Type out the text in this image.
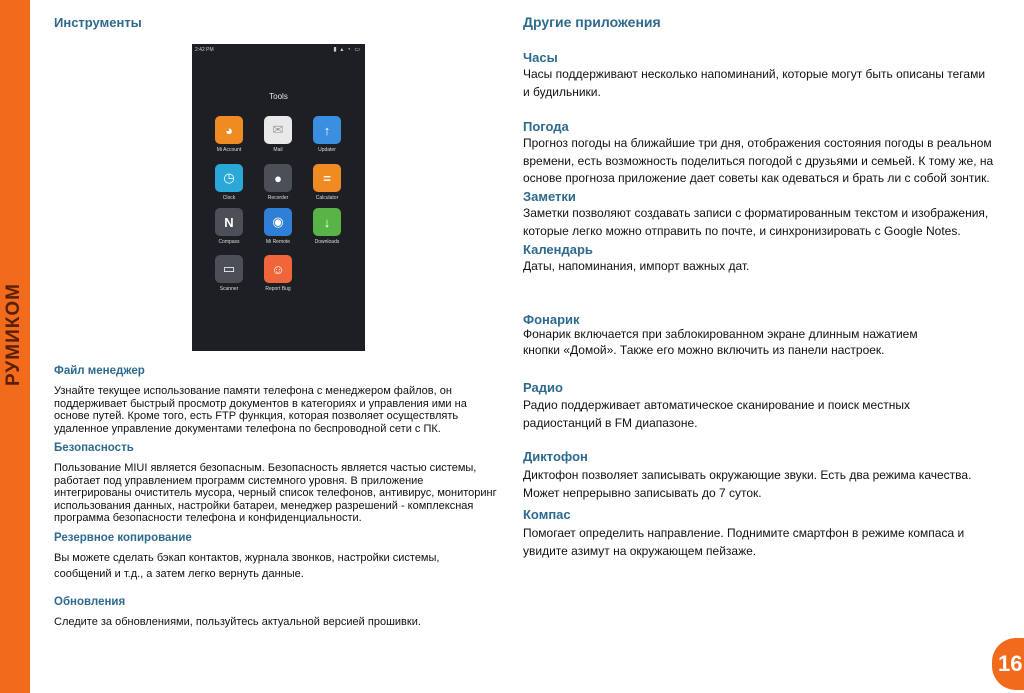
РУМИКОМ
Инструменты
2:42 PM	▮ ▴ ◔ ▭
Tools
◕
Mi Account
✉
Mail
↑
Updater
◷
Clock
●
Recorder
=
Calculator
N
Compass
◉
Mi Remote
↓
Downloads
▭
Scanner
☺
Report Bug
Файл менеджер
Узнайте текущее использование памяти телефона с менеджером файлов, он
поддерживает быстрый просмотр документов в категориях и управления ими на
основе путей. Кроме того, есть FTP функция, которая позволяет осуществлять
удаленное управление документами телефона по беспроводной сети с ПК.
Безопасность
Пользование MIUI является безопасным. Безопасность является частью системы,
работает под управлением программ системного уровня. В приложение
интегрированы очиститель мусора, черный список телефонов, антивирус, мониторинг
использования данных, настройки батареи, менеджер разрешений - комплексная
программа безопасности телефона и конфиденциальности.
Резервное копирование
Вы можете сделать бэкап контактов, журнала звонков, настройки системы,
сообщений и т.д., а затем легко вернуть данные.
Обновления
Следите за обновлениями, пользуйтесь актуальной версией прошивки.
Другие приложения
Часы
Часы поддерживают несколько напоминаний, которые могут быть описаны тегами
и будильники.
Погода
Прогноз погоды на ближайшие три дня, отображения состояния погоды в реальном
времени, есть возможность поделиться погодой с друзьями и семьей. К тому же, на
основе прогноза приложение дает советы как одеваться и брать ли с собой зонтик.
Заметки
Заметки позволяют создавать записи с форматированным текстом и изображения,
которые легко можно отправить по почте, и синхронизировать с Google Notes.
Календарь
Даты, напоминания, импорт важных дат.
Фонарик
Фонарик включается при заблокированном экране длинным нажатием
кнопки «Домой». Также его можно включить из панели настроек.
Радио
Радио поддерживает автоматическое сканирование и поиск местных
радиостанций в FM диапазоне.
Диктофон
Диктофон позволяет записывать окружающие звуки. Есть два режима качества.
Может непрерывно записывать до 7 суток.
Компас
Помогает определить направление. Поднимите смартфон в режиме компаса и
увидите азимут на окружающем пейзаже.
16
